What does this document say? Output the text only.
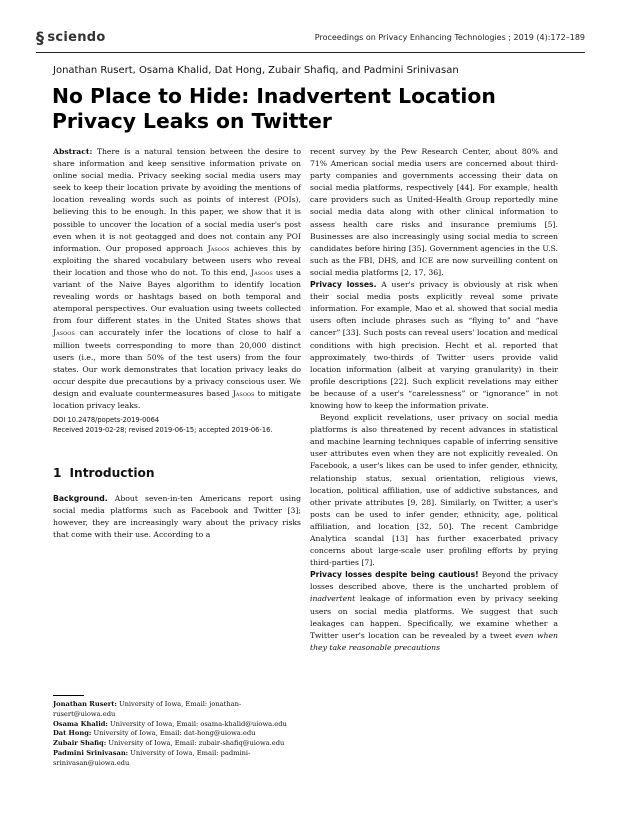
§ sciendo	Proceedings on Privacy Enhancing Technologies ; 2019 (4):172–189
Jonathan Rusert, Osama Khalid, Dat Hong, Zubair Shafiq, and Padmini Srinivasan
No Place to Hide: Inadvertent Location Privacy Leaks on Twitter

Abstract: There is a natural tension between the desire to share information and keep sensitive information private on online social media. Privacy seeking social media users may seek to keep their location private by avoiding the mentions of location revealing words such as points of interest (POIs), believing this to be enough. In this paper, we show that it is possible to uncover the location of a social media user's post even when it is not geotagged and does not contain any POI information. Our proposed approach Jasoos achieves this by exploiting the shared vocabulary between users who reveal their location and those who do not. To this end, Jasoos uses a variant of the Naive Bayes algorithm to identify location revealing words or hashtags based on both temporal and atemporal perspectives. Our evaluation using tweets collected from four different states in the United States shows that Jasoos can accurately infer the locations of close to half a million tweets corresponding to more than 20,000 distinct users (i.e., more than 50% of the test users) from the four states. Our work demonstrates that location privacy leaks do occur despite due precautions by a privacy conscious user. We design and evaluate countermeasures based Jasoos to mitigate location privacy leaks.

DOI 10.2478/popets-2019-0064

Received 2019-02-28; revised 2019-06-15; accepted 2019-06-16.

1 Introduction

Background. About seven-in-ten Americans report using social media platforms such as Facebook and Twitter [3]; however, they are increasingly wary about the privacy risks that come with their use. According to a

Jonathan Rusert: University of Iowa, Email: jonathan-rusert@uiowa.edu
Osama Khalid: University of Iowa, Email: osama-khalid@uiowa.edu
Dat Hong: University of Iowa, Email: dat-hong@uiowa.edu
Zubair Shafiq: University of Iowa, Email: zubair-shafiq@uiowa.edu
Padmini Srinivasan: University of Iowa, Email: padmini-srinivasan@uiowa.edu

recent survey by the Pew Research Center, about 80% and 71% American social media users are concerned about third-party companies and governments accessing their data on social media platforms, respectively [44]. For example, health care providers such as United-Health Group reportedly mine social media data along with other clinical information to assess health care risks and insurance premiums [5]. Businesses are also increasingly using social media to screen candidates before hiring [35]. Government agencies in the U.S. such as the FBI, DHS, and ICE are now surveilling content on social media platforms [2, 17, 36].

Privacy losses. A user's privacy is obviously at risk when their social media posts explicitly reveal some private information. For example, Mao et al. showed that social media users often include phrases such as “flying to” and “have cancer” [33]. Such posts can reveal users' location and medical conditions with high precision. Hecht et al. reported that approximately two-thirds of Twitter users provide valid location information (albeit at varying granularity) in their profile descriptions [22]. Such explicit revelations may either be because of a user's “carelessness” or “ignorance” in not knowing how to keep the information private.

Beyond explicit revelations, user privacy on social media platforms is also threatened by recent advances in statistical and machine learning techniques capable of inferring sensitive user attributes even when they are not explicitly revealed. On Facebook, a user's likes can be used to infer gender, ethnicity, relationship status, sexual orientation, religious views, location, political affiliation, use of addictive substances, and other private attributes [9, 28]. Similarly, on Twitter, a user's posts can be used to infer gender, ethnicity, age, political affiliation, and location [32, 50]. The recent Cambridge Analytica scandal [13] has further exacerbated privacy concerns about large-scale user profiling efforts by prying third-parties [7].

Privacy losses despite being cautious! Beyond the privacy losses described above, there is the uncharted problem of inadvertent leakage of information even by privacy seeking users on social media platforms. We suggest that such leakages can happen. Specifically, we examine whether a Twitter user's location can be revealed by a tweet even when they take reasonable precautions
